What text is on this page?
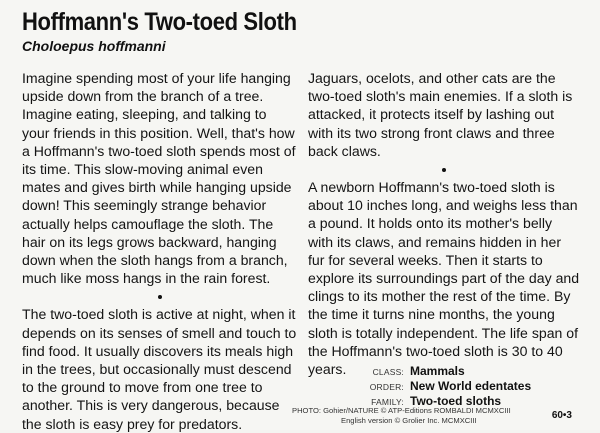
Hoffmann's Two-toed Sloth
Choloepus hoffmanni

Imagine spending most of your life hanging upside down from the branch of a tree. Imagine eating, sleeping, and talking to your friends in this position. Well, that's how a Hoffmann's two-toed sloth spends most of its time. This slow-moving animal even mates and gives birth while hanging upside down! This seemingly strange behavior actually helps camouflage the sloth. The hair on its legs grows backward, hanging down when the sloth hangs from a branch, much like moss hangs in the rain forest.

The two-toed sloth is active at night, when it depends on its senses of smell and touch to find food. It usually discovers its meals high in the trees, but occasionally must descend to the ground to move from one tree to another. This is very dangerous, because the sloth is easy prey for predators.

Jaguars, ocelots, and other cats are the two-toed sloth's main enemies. If a sloth is attacked, it protects itself by lashing out with its two strong front claws and three back claws.

A newborn Hoffmann's two-toed sloth is about 10 inches long, and weighs less than a pound. It holds onto its mother's belly with its claws, and remains hidden in her fur for several weeks. Then it starts to explore its surroundings part of the day and clings to its mother the rest of the time. By the time it turns nine months, the young sloth is totally independent. The life span of the Hoffmann's two-toed sloth is 30 to 40 years.	CLASS: Mammals
ORDER: New World edentates
FAMILY: Two-toed sloths
PHOTO: Gohier/NATURE © ATP-Editions ROMBALDI MCMXCIII
English version © Grolier Inc. MCMXCIII	60•3
